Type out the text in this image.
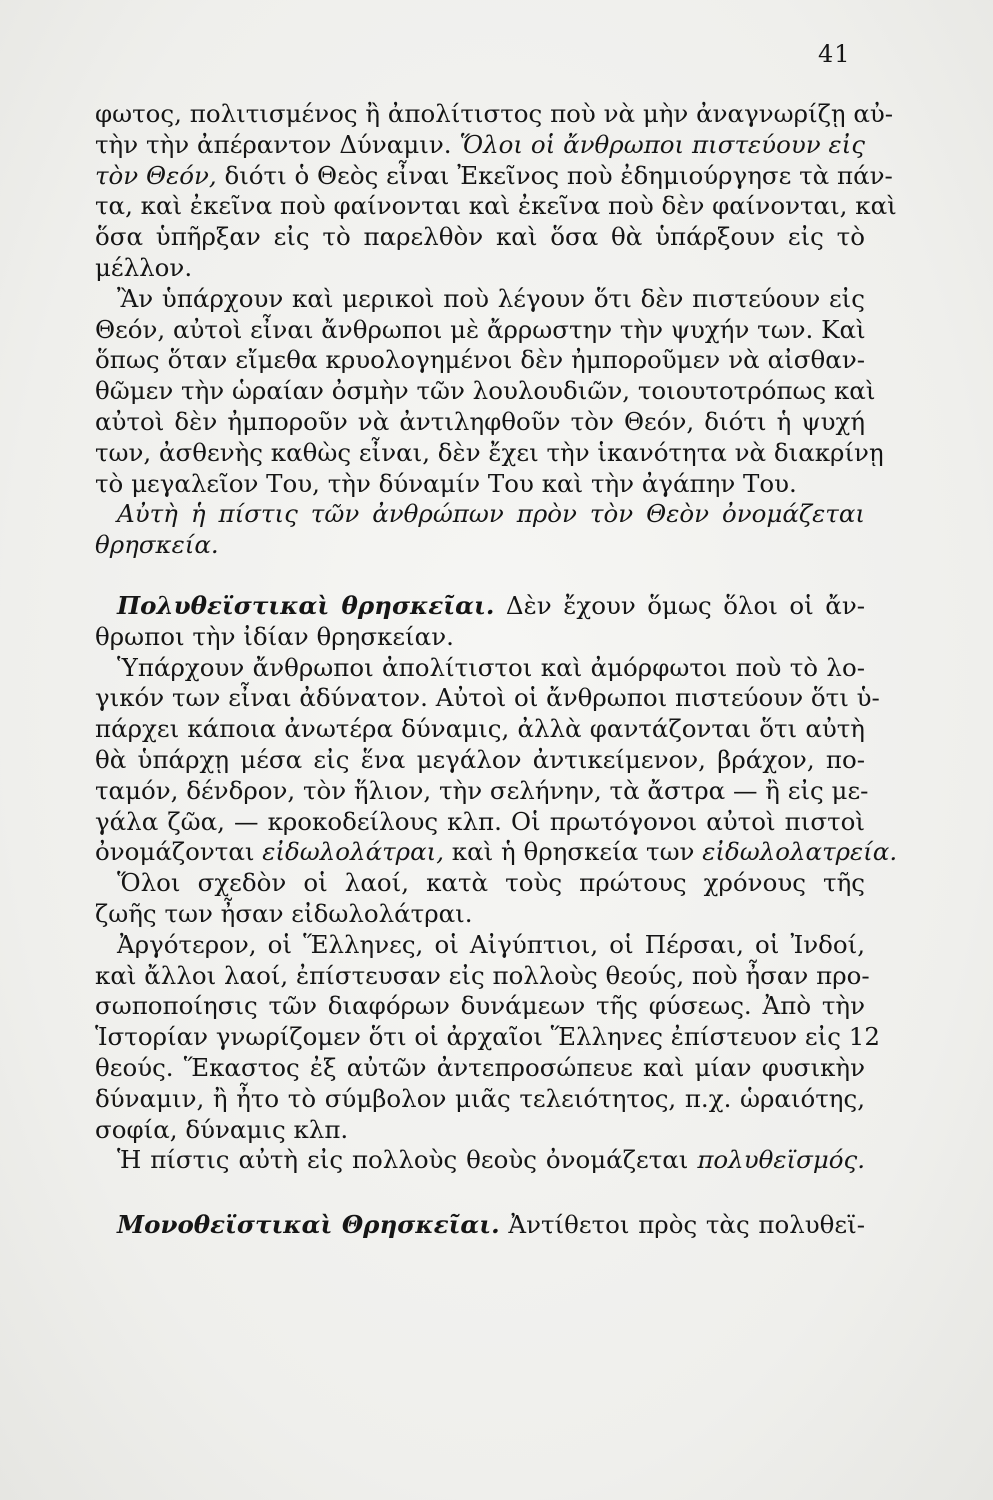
41
φωτος, πολιτισμένος ἢ ἀπολίτιστος ποὺ νὰ μὴν ἀναγνωρίζῃ αὐ-
τὴν τὴν ἀπέραντον Δύναμιν. Ὅλοι οἱ ἄνθρωποι πιστεύουν εἰς
τὸν Θεόν, διότι ὁ Θεὸς εἶναι Ἐκεῖνος ποὺ ἐδημιούργησε τὰ πάν-
τα, καὶ ἐκεῖνα ποὺ φαίνονται καὶ ἐκεῖνα ποὺ δὲν φαίνονται, καὶ
ὅσα ὑπῆρξαν εἰς τὸ παρελθὸν καὶ ὅσα θὰ ὑπάρξουν εἰς τὸ
μέλλον.
Ἂν ὑπάρχουν καὶ μερικοὶ ποὺ λέγουν ὅτι δὲν πιστεύουν εἰς
Θεόν, αὐτοὶ εἶναι ἄνθρωποι μὲ ἄρρωστην τὴν ψυχήν των. Καὶ
ὅπως ὅταν εἴμεθα κρυολογημένοι δὲν ἠμποροῦμεν νὰ αἰσθαν-
θῶμεν τὴν ὡραίαν ὀσμὴν τῶν λουλουδιῶν, τοιουτοτρόπως καὶ
αὐτοὶ δὲν ἠμποροῦν νὰ ἀντιληφθοῦν τὸν Θεόν, διότι ἡ ψυχή
των, ἀσθενὴς καθὼς εἶναι, δὲν ἔχει τὴν ἱκανότητα νὰ διακρίνῃ
τὸ μεγαλεῖον Του, τὴν δύναμίν Του καὶ τὴν ἀγάπην Του.
Αὐτὴ ἡ πίστις τῶν ἀνθρώπων πρὸν τὸν Θεὸν ὀνομάζεται
θρησκεία.
Πολυθεϊστικαὶ θρησκεῖαι. Δὲν ἔχουν ὅμως ὅλοι οἱ ἄν-
θρωποι τὴν ἰδίαν θρησκείαν.
Ὑπάρχουν ἄνθρωποι ἀπολίτιστοι καὶ ἀμόρφωτοι ποὺ τὸ λο-
γικόν των εἶναι ἀδύνατον. Αὐτοὶ οἱ ἄνθρωποι πιστεύουν ὅτι ὑ-
πάρχει κάποια ἀνωτέρα δύναμις, ἀλλὰ φαντάζονται ὅτι αὐτὴ
θὰ ὑπάρχῃ μέσα εἰς ἕνα μεγάλον ἀντικείμενον, βράχον, πο-
ταμόν, δένδρον, τὸν ἥλιον, τὴν σελήνην, τὰ ἄστρα — ἢ εἰς με-
γάλα ζῶα, — κροκοδείλους κλπ. Οἱ πρωτόγονοι αὐτοὶ πιστοὶ
ὀνομάζονται εἰδωλολάτραι, καὶ ἡ θρησκεία των εἰδωλολατρεία.
Ὅλοι σχεδὸν οἱ λαοί, κατὰ τοὺς πρώτους χρόνους τῆς
ζωῆς των ἦσαν εἰδωλολάτραι.
Ἀργότερον, οἱ Ἕλληνες, οἱ Αἰγύπτιοι, οἱ Πέρσαι, οἱ Ἰνδοί,
καὶ ἄλλοι λαοί, ἐπίστευσαν εἰς πολλοὺς θεούς, ποὺ ἦσαν προ-
σωποποίησις τῶν διαφόρων δυνάμεων τῆς φύσεως. Ἀπὸ τὴν
Ἱστορίαν γνωρίζομεν ὅτι οἱ ἀρχαῖοι Ἕλληνες ἐπίστευον εἰς 12
θεούς. Ἕκαστος ἐξ αὐτῶν ἀντεπροσώπευε καὶ μίαν φυσικὴν
δύναμιν, ἢ ἦτο τὸ σύμβολον μιᾶς τελειότητος, π.χ. ὡραιότης,
σοφία, δύναμις κλπ.
Ἡ πίστις αὐτὴ εἰς πολλοὺς θεοὺς ὀνομάζεται πολυθεϊσμός.
Μονοθεϊστικαὶ Θρησκεῖαι. Ἀντίθετοι πρὸς τὰς πολυθεϊ-
